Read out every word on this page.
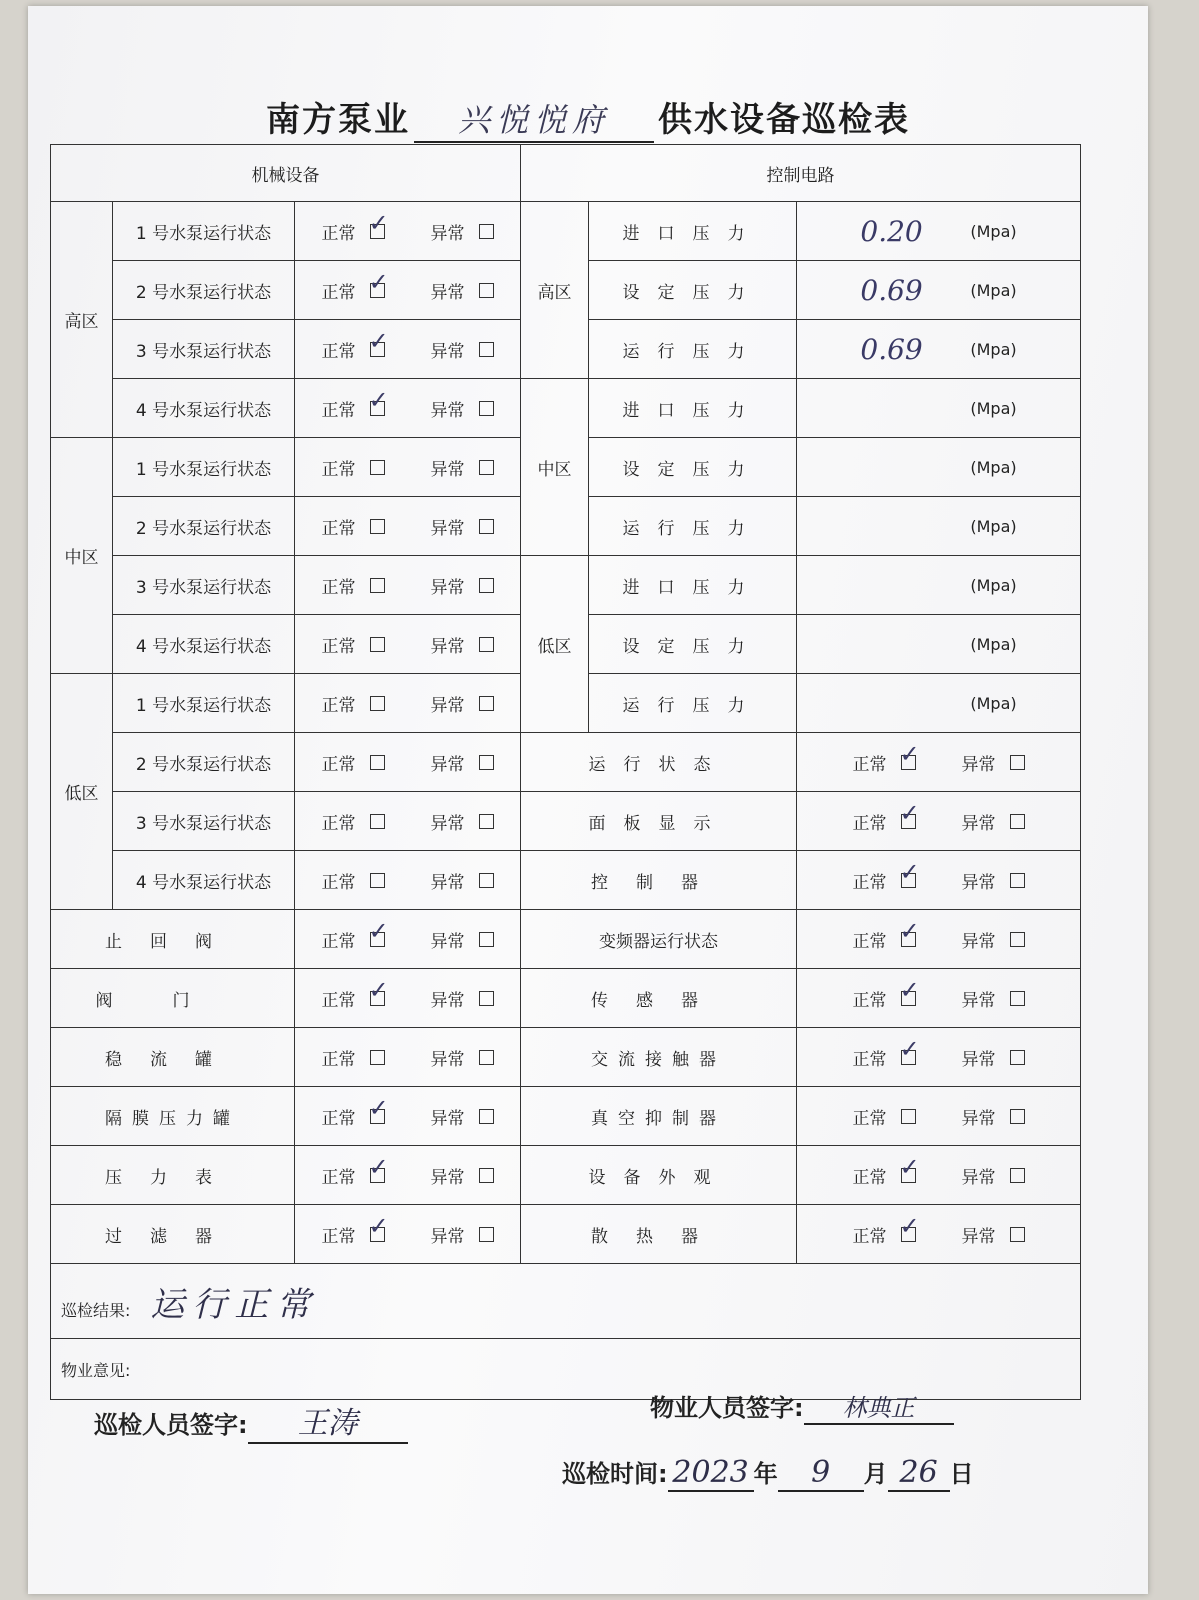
南方泵业 兴悦悦府 供水设备巡检表
机械设备			控制电路		
高区	1 号水泵运行状态	正常 ✓ 异常	高区	进口压力	0.20 (Mpa)

	2 号水泵运行状态	正常 ✓ 异常		设定压力	0.69 (Mpa)

	3 号水泵运行状态	正常 ✓ 异常		运行压力	0.69 (Mpa)

	4 号水泵运行状态	正常 ✓ 异常	中区	进口压力	(Mpa)

中区	1 号水泵运行状态	正常 异常		设定压力	(Mpa)

	2 号水泵运行状态	正常 异常		运行压力	(Mpa)

	3 号水泵运行状态	正常 异常	低区	进口压力	(Mpa)

	4 号水泵运行状态	正常 异常		设定压力	(Mpa)

低区	1 号水泵运行状态	正常 异常		运行压力	(Mpa)

	2 号水泵运行状态	正常 异常	运行状态		正常 ✓ 异常

	3 号水泵运行状态	正常 异常	面板显示		正常 ✓ 异常

	4 号水泵运行状态	正常 异常	控制器		正常 ✓ 异常

止回阀		正常 ✓ 异常	变频器运行状态		正常 ✓ 异常

阀门		正常 ✓ 异常	传感器		正常 ✓ 异常

稳流罐		正常 异常	交流接触器		正常 ✓ 异常

隔膜压力罐		正常 ✓ 异常	真空抑制器		正常 异常

压力表		正常 ✓ 异常	设备外观		正常 ✓ 异常

过滤器		正常 ✓ 异常	散热器		正常 ✓ 异常

巡检结果: 运行正常					
物业意见:					
巡检人员签字: 王涛	物业人员签字: 林典正
巡检时间: 2023 年 9 月 26 日
